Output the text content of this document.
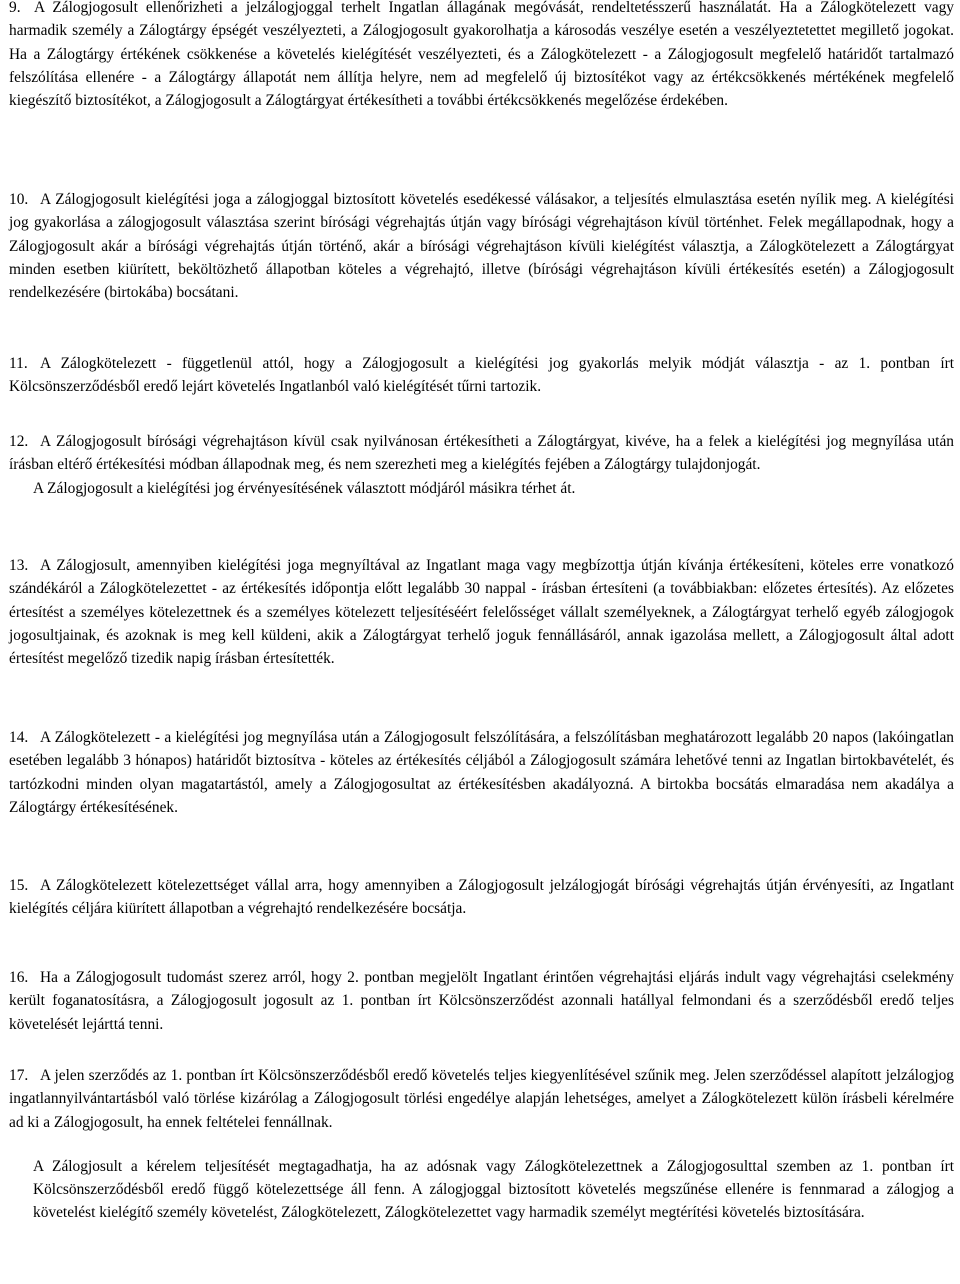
9. A Zálogjogosult ellenőrizheti a jelzálogjoggal terhelt Ingatlan állagának megóvását, rendeltetésszerű használatát. Ha a Zálogkötelezett vagy harmadik személy a Zálogtárgy épségét veszélyezteti, a Zálogjogosult gyakorolhatja a károsodás veszélye esetén a veszélyeztetettet megillető jogokat. Ha a Zálogtárgy értékének csökkenése a követelés kielégítését veszélyezteti, és a Zálogkötelezett - a Zálogjogosult megfelelő határidőt tartalmazó felszólítása ellenére - a Zálogtárgy állapotát nem állítja helyre, nem ad megfelelő új biztosítékot vagy az értékcsökkenés mértékének megfelelő kiegészítő biztosítékot, a Zálogjogosult a Zálogtárgyat értékesítheti a további értékcsökkenés megelőzése érdekében.

10. A Zálogjogosult kielégítési joga a zálogjoggal biztosított követelés esedékessé válásakor, a teljesítés elmulasztása esetén nyílik meg. A kielégítési jog gyakorlása a zálogjogosult választása szerint bírósági végrehajtás útján vagy bírósági végrehajtáson kívül történhet. Felek megállapodnak, hogy a Zálogjogosult akár a bírósági végrehajtás útján történő, akár a bírósági végrehajtáson kívüli kielégítést választja, a Zálogkötelezett a Zálogtárgyat minden esetben kiürített, beköltözhető állapotban köteles a végrehajtó, illetve (bírósági végrehajtáson kívüli értékesítés esetén) a Zálogjogosult rendelkezésére (birtokába) bocsátani.

11. A Zálogkötelezett - függetlenül attól, hogy a Zálogjogosult a kielégítési jog gyakorlás melyik módját választja - az 1. pontban írt Kölcsönszerződésből eredő lejárt követelés Ingatlanból való kielégítését tűrni tartozik.

12. A Zálogjogosult bírósági végrehajtáson kívül csak nyilvánosan értékesítheti a Zálogtárgyat, kivéve, ha a felek a kielégítési jog megnyílása után írásban eltérő értékesítési módban állapodnak meg, és nem szerezheti meg a kielégítés fejében a Zálogtárgy tulajdonjogát.

A Zálogjogosult a kielégítési jog érvényesítésének választott módjáról másikra térhet át.

13. A Zálogjosult, amennyiben kielégítési joga megnyíltával az Ingatlant maga vagy megbízottja útján kívánja értékesíteni, köteles erre vonatkozó szándékáról a Zálogkötelezettet - az értékesítés időpontja előtt legalább 30 nappal - írásban értesíteni (a továbbiakban: előzetes értesítés). Az előzetes értesítést a személyes kötelezettnek és a személyes kötelezett teljesítéséért felelősséget vállalt személyeknek, a Zálogtárgyat terhelő egyéb zálogjogok jogosultjainak, és azoknak is meg kell küldeni, akik a Zálogtárgyat terhelő joguk fennállásáról, annak igazolása mellett, a Zálogjogosult által adott értesítést megelőző tizedik napig írásban értesítették.

14. A Zálogkötelezett - a kielégítési jog megnyílása után a Zálogjogosult felszólítására, a felszólításban meghatározott legalább 20 napos (lakóingatlan esetében legalább 3 hónapos) határidőt biztosítva - köteles az értékesítés céljából a Zálogjogosult számára lehetővé tenni az Ingatlan birtokbavételét, és tartózkodni minden olyan magatartástól, amely a Zálogjogosultat az értékesítésben akadályozná. A birtokba bocsátás elmaradása nem akadálya a Zálogtárgy értékesítésének.

15. A Zálogkötelezett kötelezettséget vállal arra, hogy amennyiben a Zálogjogosult jelzálogjogát bírósági végrehajtás útján érvényesíti, az Ingatlant kielégítés céljára kiürített állapotban a végrehajtó rendelkezésére bocsátja.

16. Ha a Zálogjogosult tudomást szerez arról, hogy 2. pontban megjelölt Ingatlant érintően végrehajtási eljárás indult vagy végrehajtási cselekmény került foganatosításra, a Zálogjogosult jogosult az 1. pontban írt Kölcsönszerződést azonnali hatállyal felmondani és a szerződésből eredő teljes követelését lejárttá tenni.

17. A jelen szerződés az 1. pontban írt Kölcsönszerződésből eredő követelés teljes kiegyenlítésével szűnik meg. Jelen szerződéssel alapított jelzálogjog ingatlannyilvántartásból való törlése kizárólag a Zálogjogosult törlési engedélye alapján lehetséges, amelyet a Zálogkötelezett külön írásbeli kérelmére ad ki a Zálogjogosult, ha ennek feltételei fennállnak.

A Zálogjosult a kérelem teljesítését megtagadhatja, ha az adósnak vagy Zálogkötelezettnek a Zálogjogosulttal szemben az 1. pontban írt Kölcsönszerződésből eredő függő kötelezettsége áll fenn. A zálogjoggal biztosított követelés megszűnése ellenére is fennmarad a zálogjog a követelést kielégítő személy követelést, Zálogkötelezett, Zálogkötelezettet vagy harmadik személyt megtérítési követelés biztosítására.
